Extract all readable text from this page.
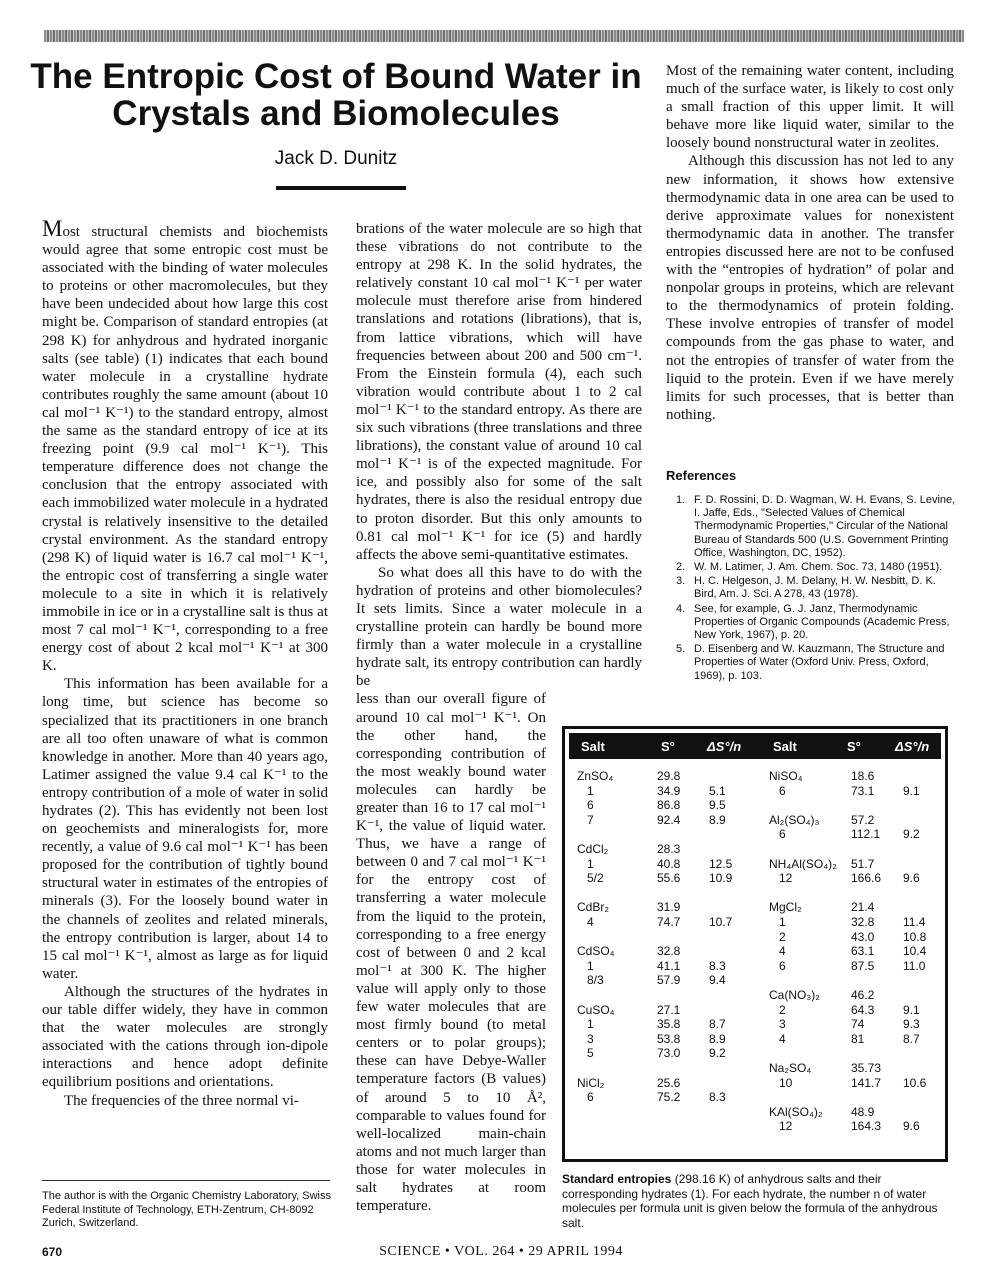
The Entropic Cost of Bound Water in Crystals and Biomolecules
Jack D. Dunitz

Most structural chemists and biochemists would agree that some entropic cost must be associated with the binding of water molecules to proteins or other macromolecules, but they have been undecided about how large this cost might be. Comparison of standard entropies (at 298 K) for anhydrous and hydrated inorganic salts (see table) (1) indicates that each bound water molecule in a crystalline hydrate contributes roughly the same amount (about 10 cal mol⁻¹ K⁻¹) to the standard entropy, almost the same as the standard entropy of ice at its freezing point (9.9 cal mol⁻¹ K⁻¹). This temperature difference does not change the conclusion that the entropy associated with each immobilized water molecule in a hydrated crystal is relatively insensitive to the detailed crystal environment. As the standard entropy (298 K) of liquid water is 16.7 cal mol⁻¹ K⁻¹, the entropic cost of transferring a single water molecule to a site in which it is relatively immobile in ice or in a crystalline salt is thus at most 7 cal mol⁻¹ K⁻¹, corresponding to a free energy cost of about 2 kcal mol⁻¹ K⁻¹ at 300 K.

This information has been available for a long time, but science has become so specialized that its practitioners in one branch are all too often unaware of what is common knowledge in another. More than 40 years ago, Latimer assigned the value 9.4 cal K⁻¹ to the entropy contribution of a mole of water in solid hydrates (2). This has evidently not been lost on geochemists and mineralogists for, more recently, a value of 9.6 cal mol⁻¹ K⁻¹ has been proposed for the contribution of tightly bound structural water in estimates of the entropies of minerals (3). For the loosely bound water in the channels of zeolites and related minerals, the entropy contribution is larger, about 14 to 15 cal mol⁻¹ K⁻¹, almost as large as for liquid water.

Although the structures of the hydrates in our table differ widely, they have in common that the water molecules are strongly associated with the cations through ion-dipole interactions and hence adopt definite equilibrium positions and orientations.

The frequencies of the three normal vi-

brations of the water molecule are so high that these vibrations do not contribute to the entropy at 298 K. In the solid hydrates, the relatively constant 10 cal mol⁻¹ K⁻¹ per water molecule must therefore arise from hindered translations and rotations (librations), that is, from lattice vibrations, which will have frequencies between about 200 and 500 cm⁻¹. From the Einstein formula (4), each such vibration would contribute about 1 to 2 cal mol⁻¹ K⁻¹ to the standard entropy. As there are six such vibrations (three translations and three librations), the constant value of around 10 cal mol⁻¹ K⁻¹ is of the expected magnitude. For ice, and possibly also for some of the salt hydrates, there is also the residual entropy due to proton disorder. But this only amounts to 0.81 cal mol⁻¹ K⁻¹ for ice (5) and hardly affects the above semi-quantitative estimates.

So what does all this have to do with the hydration of proteins and other biomolecules? It sets limits. Since a water molecule in a crystalline protein can hardly be bound more firmly than a water molecule in a crystalline hydrate salt, its entropy contribution can hardly be

less than our overall figure of around 10 cal mol⁻¹ K⁻¹. On the other hand, the corresponding contribution of the most weakly bound water molecules can hardly be greater than 16 to 17 cal mol⁻¹ K⁻¹, the value of liquid water. Thus, we have a range of between 0 and 7 cal mol⁻¹ K⁻¹ for the entropy cost of transferring a water molecule from the liquid to the protein, corresponding to a free energy cost of between 0 and 2 kcal mol⁻¹ at 300 K. The higher value will apply only to those few water molecules that are most firmly bound (to metal centers or to polar groups); these can have Debye-Waller temperature factors (B values) of around 5 to 10 Å², comparable to values found for well-localized main-chain atoms and not much larger than those for water molecules in salt hydrates at room temperature.

Most of the remaining water content, including much of the surface water, is likely to cost only a small fraction of this upper limit. It will behave more like liquid water, similar to the loosely bound nonstructural water in zeolites.

Although this discussion has not led to any new information, it shows how extensive thermodynamic data in one area can be used to derive approximate values for nonexistent thermodynamic data in another. The transfer entropies discussed here are not to be confused with the “entropies of hydration” of polar and nonpolar groups in proteins, which are relevant to the thermodynamics of protein folding. These involve entropies of transfer of model compounds from the gas phase to water, and not the entropies of transfer of water from the liquid to the protein. Even if we have merely limits for such processes, that is better than nothing.

References
1. F. D. Rossini, D. D. Wagman, W. H. Evans, S. Levine, I. Jaffe, Eds., "Selected Values of Chemical Thermodynamic Properties," Circular of the National Bureau of Standards 500 (U.S. Government Printing Office, Washington, DC, 1952).
2. W. M. Latimer, J. Am. Chem. Soc. 73, 1480 (1951).
3. H. C. Helgeson, J. M. Delany, H. W. Nesbitt, D. K. Bird, Am. J. Sci. A 278, 43 (1978).
4. See, for example, G. J. Janz, Thermodynamic Properties of Organic Compounds (Academic Press, New York, 1967), p. 20.
5. D. Eisenberg and W. Kauzmann, The Structure and Properties of Water (Oxford Univ. Press, Oxford, 1969), p. 103.
Salt	S° ΔS°/n Salt	S°	ΔS°/n
ZnSO₄	29.8
1	34.9 5.1
6	86.8 9.5
7	92.4 8.9
CdCl₂	28.3
1	40.8 12.5
5/2	55.6 10.9
CdBr₂	31.9
4	74.7 10.7
CdSO₄	32.8
1	41.1 8.3
8/3	57.9 9.4
CuSO₄	27.1
1	35.8 8.7
3	53.8 8.9
5	73.0 9.2
NiCl₂	25.6
6	75.2 8.3
NiSO₄	18.6
6	73.1 9.1
Al₂(SO₄)₃	57.2
6	112.1 9.2
NH₄Al(SO₄)₂ 51.7
12	166.6 9.6
MgCl₂	21.4
1	32.8 11.4
2	43.0 10.8
4	63.1 10.4
6	87.5 11.0
Ca(NO₃)₂	46.2
2	64.3 9.1
3	74	9.3
4	81	8.7
Na₂SO₄	35.73
10	141.7 10.6
KAl(SO₄)₂ 48.9
12	164.3 9.6
Standard entropies (298.16 K) of anhydrous salts and their corresponding hydrates (1). For each hydrate, the number n of water molecules per formula unit is given below the formula of the anhydrous salt.
The author is with the Organic Chemistry Laboratory, Swiss Federal Institute of Technology, ETH-Zentrum, CH-8092 Zurich, Switzerland.
670	SCIENCE • VOL. 264 • 29 APRIL 1994
